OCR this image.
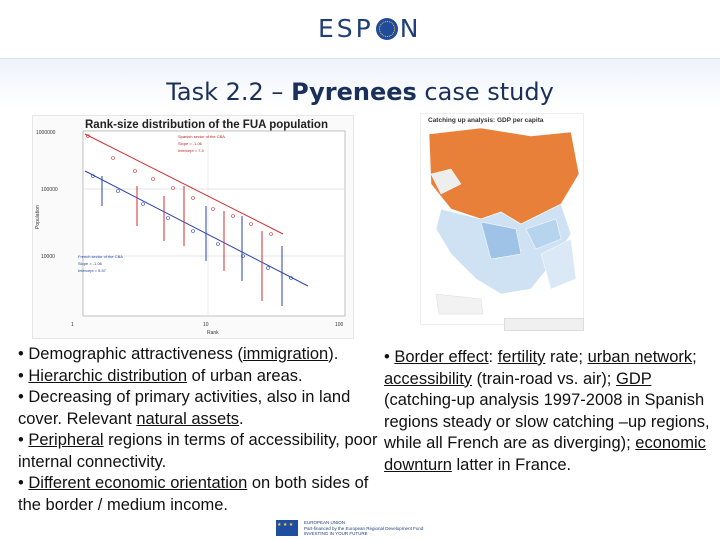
ESP N
Task 2.2 – Pyrenees case study
1000000
100000
10000
1	10	100
Population
Rank
Spanish sector of the CBA
Slope = -1.06
Intercept = 7.4
French sector of the CBA
Slope = -1.06
Intercept = 5.57
Rank-size distribution of the FUA population	Catching up analysis: GDP per capita

• Demographic attractiveness (immigration).

• Hierarchic distribution of urban areas.

• Decreasing of primary activities, also in land cover. Relevant natural assets.

• Peripheral regions in terms of accessibility, poor internal connectivity.

• Different economic orientation on both sides of the border / medium income.

• Border effect: fertility rate; urban network; accessibility (train-road vs. air); GDP (catching-up analysis 1997-2008 in Spanish regions steady or slow catching –up regions, while all French are as diverging); economic downturn latter in France.

★ ★ ★
EUROPEAN UNION
Part-financed by the European Regional Development Fund
INVESTING IN YOUR FUTURE
